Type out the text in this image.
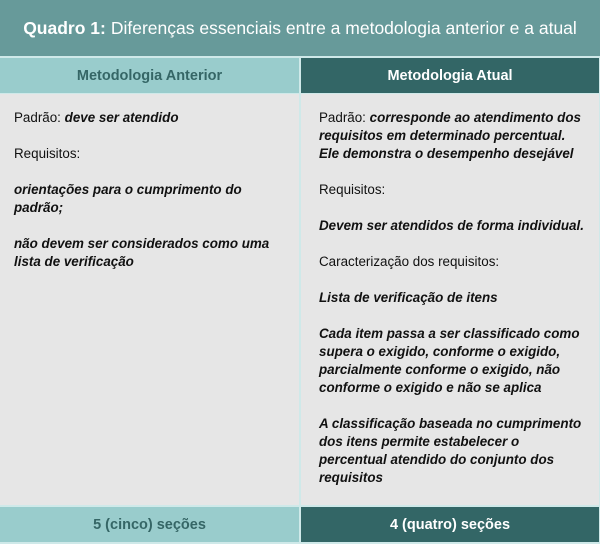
Quadro 1: Diferenças essenciais entre a metodologia anterior e a atual
Metodologia Anterior	Metodologia Atual

Padrão: deve ser atendido

Requisitos:

orientações para o cumprimento do padrão;

não devem ser considerados como uma lista de verificação

Padrão: corresponde ao atendimento dos requisitos em determinado percentual. Ele demonstra o desempenho desejável

Requisitos:

Devem ser atendidos de forma individual.

Caracterização dos requisitos:

Lista de verificação de itens

Cada item passa a ser classificado como supera o exigido, conforme o exigido, parcialmente conforme o exigido, não conforme o exigido e não se aplica

A classificação baseada no cumprimento dos itens permite estabelecer o percentual atendido do conjunto dos requisitos

5 (cinco) seções	4 (quatro) seções
